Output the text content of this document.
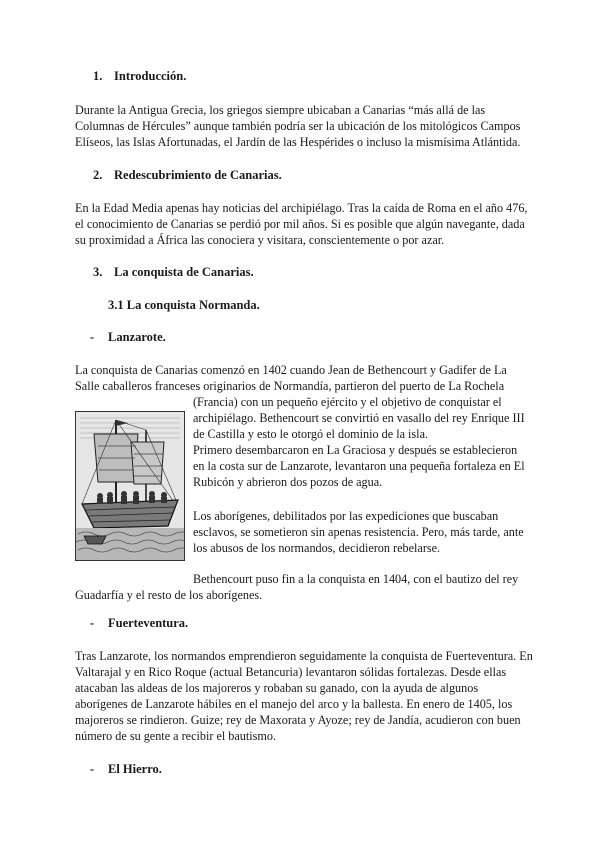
1. Introducción.
Durante la Antigua Grecia, los griegos siempre ubicaban a Canarias “más allá de las
Columnas de Hércules” aunque también podría ser la ubicación de los mitológicos Campos
Elíseos, las Islas Afortunadas, el Jardín de las Hespérides o incluso la mismísima Atlántida.
2. Redescubrimiento de Canarias.
En la Edad Media apenas hay noticias del archipiélago. Tras la caída de Roma en el año 476,
el conocimiento de Canarias se perdió por mil años. Si es posible que algún navegante, dada
su proximidad a África las conociera y visitara, conscientemente o por azar.
3. La conquista de Canarias.
3.1 La conquista Normanda.
- Lanzarote.
La conquista de Canarias comenzó en 1402 cuando Jean de Bethencourt y Gadifer de La
Salle caballeros franceses originarios de Normandía, partieron del puerto de La Rochela
(Francia) con un pequeño ejército y el objetivo de conquistar el
archipiélago. Bethencourt se convirtió en vasallo del rey Enrique III
de Castilla y esto le otorgó el dominio de la isla.
Primero desembarcaron en La Graciosa y después se establecieron
en la costa sur de Lanzarote, levantaron una pequeña fortaleza en El
Rubicón y abrieron dos pozos de agua.
Los aborígenes, debilitados por las expediciones que buscaban
esclavos, se sometieron sin apenas resistencia. Pero, más tarde, ante
los abusos de los normandos, decidieron rebelarse.
Bethencourt puso fin a la conquista en 1404, con el bautizo del rey
Guadarfía y el resto de los aborígenes.
- Fuerteventura.
Tras Lanzarote, los normandos emprendieron seguidamente la conquista de Fuerteventura. En
Valtarajal y en Rico Roque (actual Betancuria) levantaron sólidas fortalezas. Desde ellas
atacaban las aldeas de los majoreros y robaban su ganado, con la ayuda de algunos
aborígenes de Lanzarote hábiles en el manejo del arco y la ballesta. En enero de 1405, los
majoreros se rindieron. Guize; rey de Maxorata y Ayoze; rey de Jandía, acudieron con buen
número de su gente a recibir el bautismo.
- El Hierro.
